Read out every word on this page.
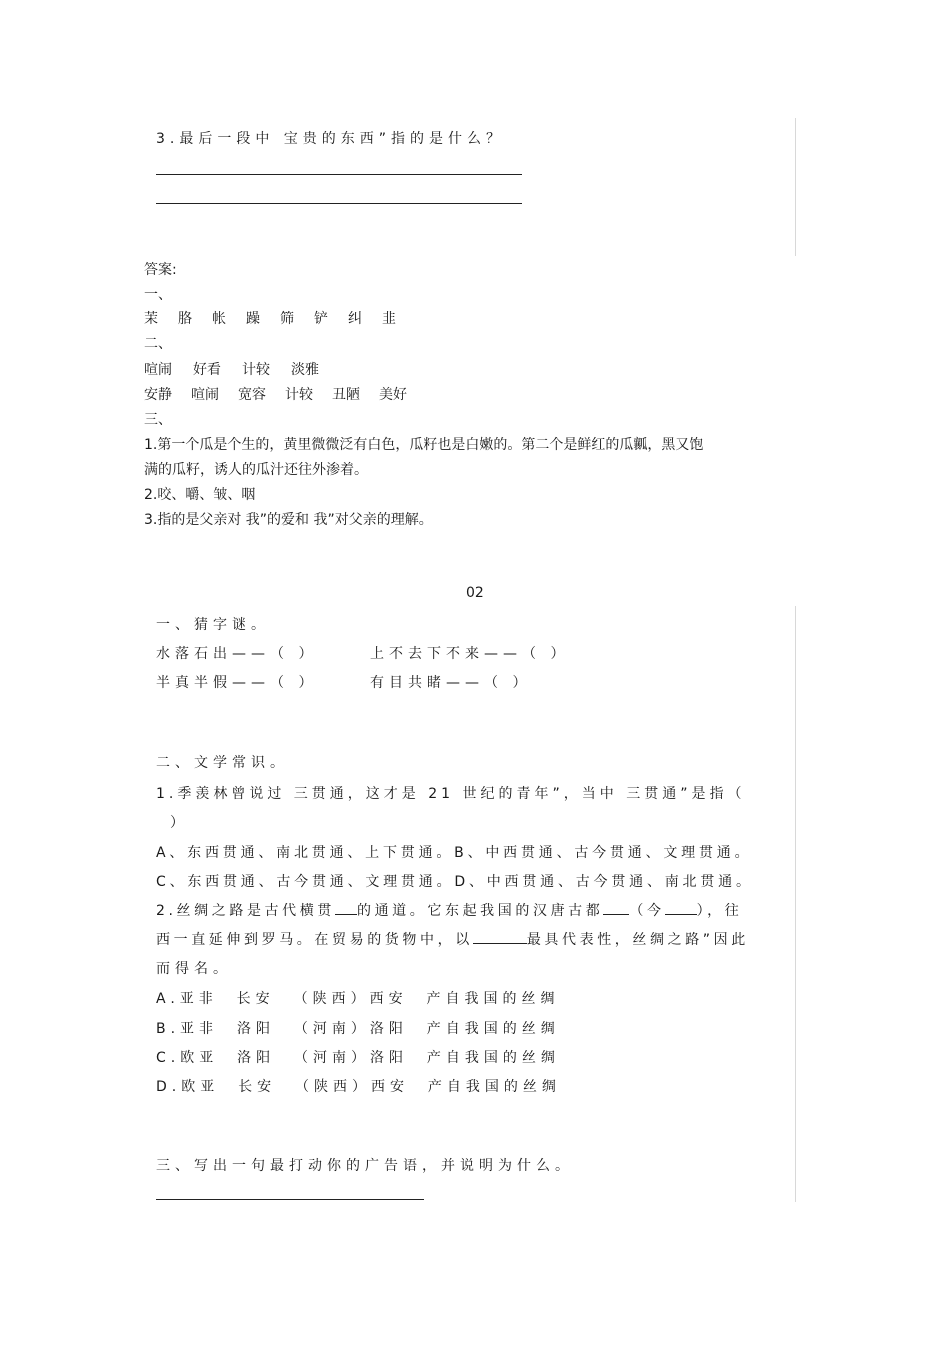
3.最后一段中 宝贵的东西”指的是什么？
答案:
一、
茉 胳 帐 躁 筛 铲 纠 韭
二、
喧闹 好看 计较 淡雅
安静 喧闹 宽容 计较 丑陋 美好
三、
1.第一个瓜是个生的，黄里微微泛有白色，瓜籽也是白嫩的。第二个是鲜红的瓜瓤，黑又饱
满的瓜籽，诱人的瓜汁还往外渗着。
2.咬、嚼、皱、咽
3.指的是父亲对 我”的爱和 我”对父亲的理解。
02
一、猜字谜。
水落石出——（ ）	上不去下不来——（ ）
半真半假——（ ）	有目共睹——（ ）
二、文学常识。
1.季羡林曾说过 三贯通，这才是 21 世纪的青年”，当中 三贯通”是指（
）
A、东西贯通、南北贯通、上下贯通。B、中西贯通、古今贯通、文理贯通。
C、东西贯通、古今贯通、文理贯通。D、中西贯通、古今贯通、南北贯通。
2.丝绸之路是古代横贯 的通道。它东起我国的汉唐古都 （今 ），往
西一直延伸到罗马。在贸易的货物中，以	最具代表性，丝绸之路”因此
而得名。
A.亚非  长安  （陕西）西安  产自我国的丝绸
B.亚非  洛阳  （河南）洛阳  产自我国的丝绸
C.欧亚  洛阳  （河南）洛阳  产自我国的丝绸
D.欧亚  长安  （陕西）西安  产自我国的丝绸
三、写出一句最打动你的广告语，并说明为什么。
